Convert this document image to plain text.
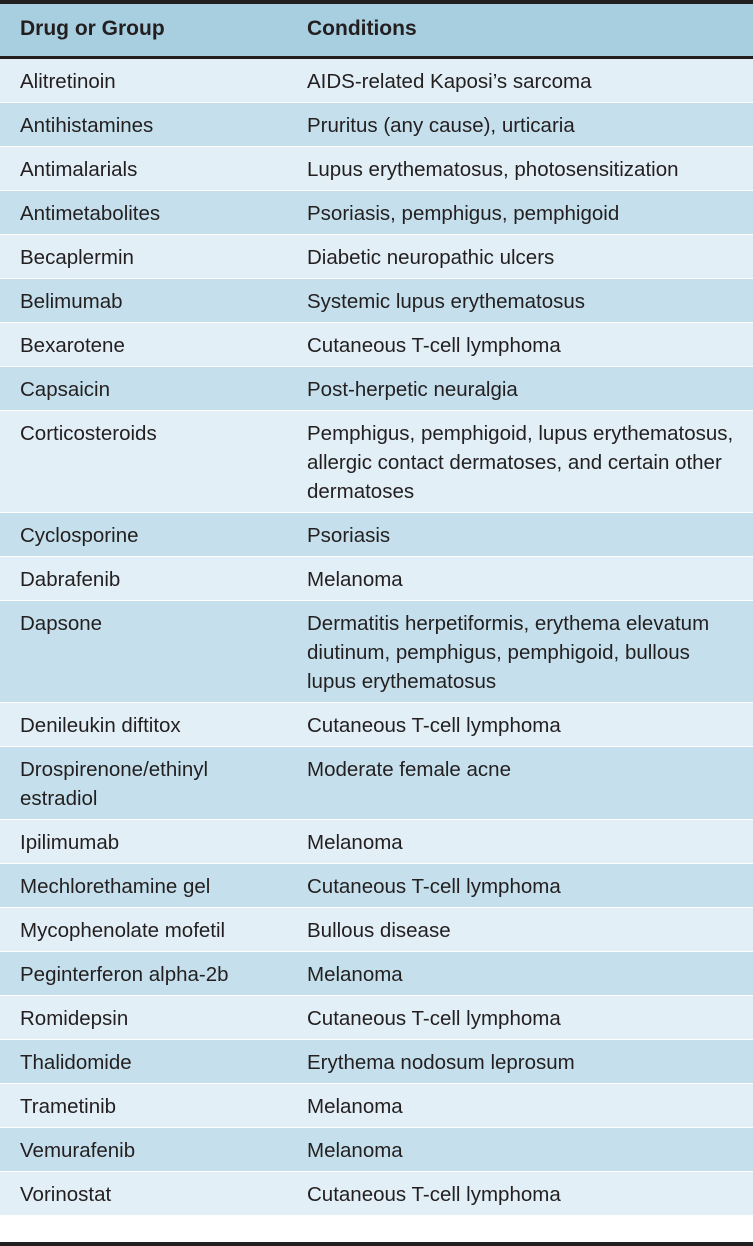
Drug or Group	Conditions
Alitretinoin	AIDS-related Kaposi’s sarcoma
Antihistamines	Pruritus (any cause), urticaria
Antimalarials	Lupus erythematosus, photosensitization
Antimetabolites	Psoriasis, pemphigus, pemphigoid
Becaplermin	Diabetic neuropathic ulcers
Belimumab	Systemic lupus erythematosus
Bexarotene	Cutaneous T-cell lymphoma
Capsaicin	Post-herpetic neuralgia
Corticosteroids	Pemphigus, pemphigoid, lupus erythematosus, allergic contact dermatoses, and certain other dermatoses
Cyclosporine	Psoriasis
Dabrafenib	Melanoma
Dapsone	Dermatitis herpetiformis, erythema elevatum diutinum, pemphigus, pemphigoid, bullous lupus erythematosus
Denileukin diftitox	Cutaneous T-cell lymphoma
Drospirenone/ethinyl estradiol	Moderate female acne
Ipilimumab	Melanoma
Mechlorethamine gel	Cutaneous T-cell lymphoma
Mycophenolate mofetil	Bullous disease
Peginterferon alpha-2b	Melanoma
Romidepsin	Cutaneous T-cell lymphoma
Thalidomide	Erythema nodosum leprosum
Trametinib	Melanoma
Vemurafenib	Melanoma
Vorinostat	Cutaneous T-cell lymphoma
